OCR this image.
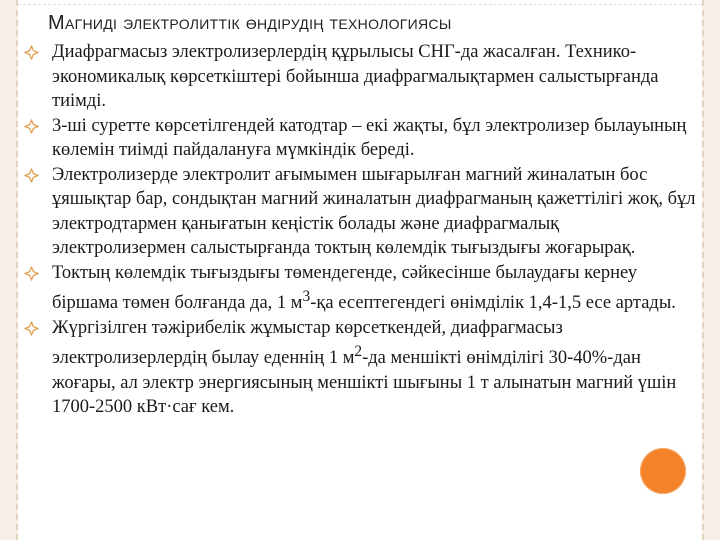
Магниді электролиттік өндірудің технологиясы
Диафрагмасыз электролизерлердің құрылысы СНГ-да жасалған. Технико-экономикалық көрсеткіштері бойынша диафрагмалықтармен салыстырғанда тиімді.
3-ші суретте көрсетілгендей катодтар – екі жақты, бұл электролизер былауының көлемін тиімді пайдалануға мүмкіндік береді.
Электролизерде электролит ағымымен шығарылған магний жиналатын бос ұяшықтар бар, сондықтан магний жиналатын диафрагманың қажеттілігі жоқ, бұл электродтармен қанығатын кеңістік болады және диафрагмалық электролизермен салыстырғанда токтың көлемдік тығыздығы жоғарырақ.
Токтың көлемдік тығыздығы төмендегенде, сәйкесінше былаудағы кернеу біршама төмен болғанда да, 1 $м^3-қа$ есептегендегі өнімділік 1,4-1,5 есе артады.
Жүргізілген тәжірибелік жұмыстар көрсеткендей, диафрагмасыз электролизерлердің былау еденнің 1 $м^2-да$ меншікті өнімділігі 30-40%-дан жоғары, ал электр энергиясының меншікті шығыны 1 т алынатын магний үшін 1700-2500 кВт·сағ кем.
